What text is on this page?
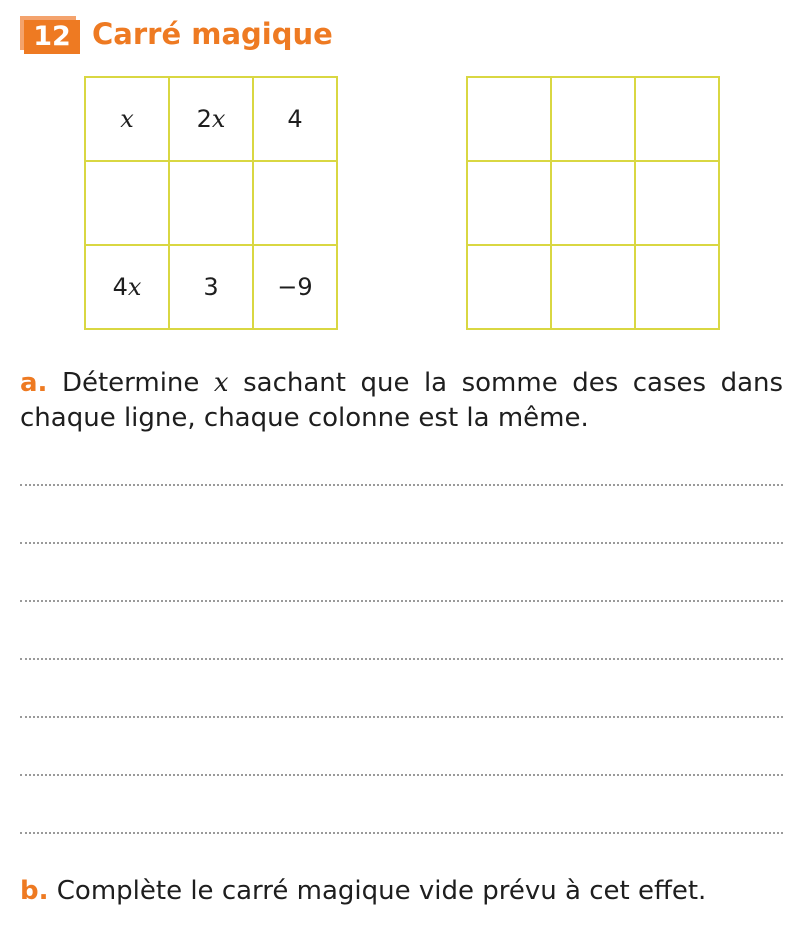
12 Carré magique
x	2x	4

4x	3	−9

a. Détermine x sachant que la somme des cases dans chaque ligne, chaque colonne est la même.

b. Complète le carré magique vide prévu à cet effet.
